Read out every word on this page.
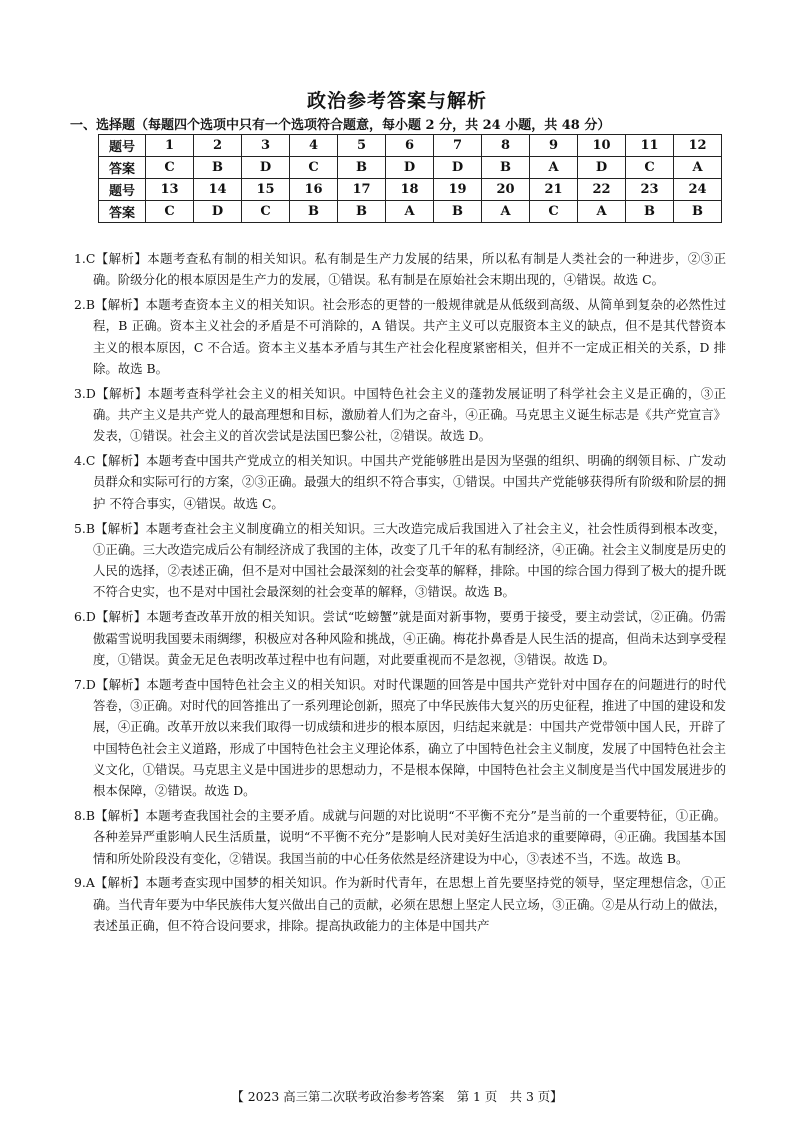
政治参考答案与解析
一、选择题（每题四个选项中只有一个选项符合题意，每小题 2 分，共 24 小题，共 48 分）
题号	1	2	3	4	5	6	7	8	9	10	11	12
答案	C	B	D	C	B	D	D	B	A	D	C	A
题号	13	14	15	16	17	18	19	20	21	22	23	24
答案	C	D	C	B	B	A	B	A	C	A	B	B

1.C【解析】本题考查私有制的相关知识。私有制是生产力发展的结果，所以私有制是人类社会的一种进步，②③正确。阶级分化的根本原因是生产力的发展，①错误。私有制是在原始社会末期出现的，④错误。故选 C。

2.B【解析】本题考查资本主义的相关知识。社会形态的更替的一般规律就是从低级到高级、从简单到复杂的必然性过程，B 正确。资本主义社会的矛盾是不可消除的，A 错误。共产主义可以克服资本主义的缺点，但不是其代替资本主义的根本原因，C 不合适。资本主义基本矛盾与其生产社会化程度紧密相关，但并不一定成正相关的关系，D 排除。故选 B。

3.D【解析】本题考查科学社会主义的相关知识。中国特色社会主义的蓬勃发展证明了科学社会主义是正确的，③正确。共产主义是共产党人的最高理想和目标，激励着人们为之奋斗，④正确。马克思主义诞生标志是《共产党宣言》发表，①错误。社会主义的首次尝试是法国巴黎公社，②错误。故选 D。

4.C【解析】本题考查中国共产党成立的相关知识。中国共产党能够胜出是因为坚强的组织、明确的纲领目标、广发动员群众和实际可行的方案，②③正确。最强大的组织不符合事实，①错误。中国共产党能够获得所有阶级和阶层的拥护 不符合事实，④错误。故选 C。

5.B【解析】本题考查社会主义制度确立的相关知识。三大改造完成后我国进入了社会主义，社会性质得到根本改变，①正确。三大改造完成后公有制经济成了我国的主体，改变了几千年的私有制经济，④正确。社会主义制度是历史的人民的选择，②表述正确，但不是对中国社会最深刻的社会变革的解释，排除。中国的综合国力得到了极大的提升既不符合史实，也不是对中国社会最深刻的社会变革的解释，③错误。故选 B。

6.D【解析】本题考查改革开放的相关知识。尝试“吃螃蟹”就是面对新事物，要勇于接受，要主动尝试，②正确。仍需傲霜雪说明我国要未雨绸缪，积极应对各种风险和挑战，④正确。梅花扑鼻香是人民生活的提高，但尚未达到享受程度，①错误。黄金无足色表明改革过程中也有问题，对此要重视而不是忽视，③错误。故选 D。

7.D【解析】本题考查中国特色社会主义的相关知识。对时代课题的回答是中国共产党针对中国存在的问题进行的时代答卷，③正确。对时代的回答推出了一系列理论创新，照亮了中华民族伟大复兴的历史征程，推进了中国的建设和发展，④正确。改革开放以来我们取得一切成绩和进步的根本原因，归结起来就是：中国共产党带领中国人民，开辟了中国特色社会主义道路，形成了中国特色社会主义理论体系，确立了中国特色社会主义制度，发展了中国特色社会主义文化，①错误。马克思主义是中国进步的思想动力，不是根本保障，中国特色社会主义制度是当代中国发展进步的根本保障，②错误。故选 D。

8.B【解析】本题考查我国社会的主要矛盾。成就与问题的对比说明“不平衡不充分”是当前的一个重要特征，①正确。各种差异严重影响人民生活质量，说明“不平衡不充分”是影响人民对美好生活追求的重要障碍，④正确。我国基本国情和所处阶段没有变化，②错误。我国当前的中心任务依然是经济建设为中心，③表述不当，不选。故选 B。

9.A【解析】本题考查实现中国梦的相关知识。作为新时代青年，在思想上首先要坚持党的领导，坚定理想信念，①正确。当代青年要为中华民族伟大复兴做出自己的贡献，必须在思想上坚定人民立场，③正确。②是从行动上的做法，表述虽正确，但不符合设问要求，排除。提高执政能力的主体是中国共产

【 2023 高三第二次联考政治参考答案　第 1 页　共 3 页】
